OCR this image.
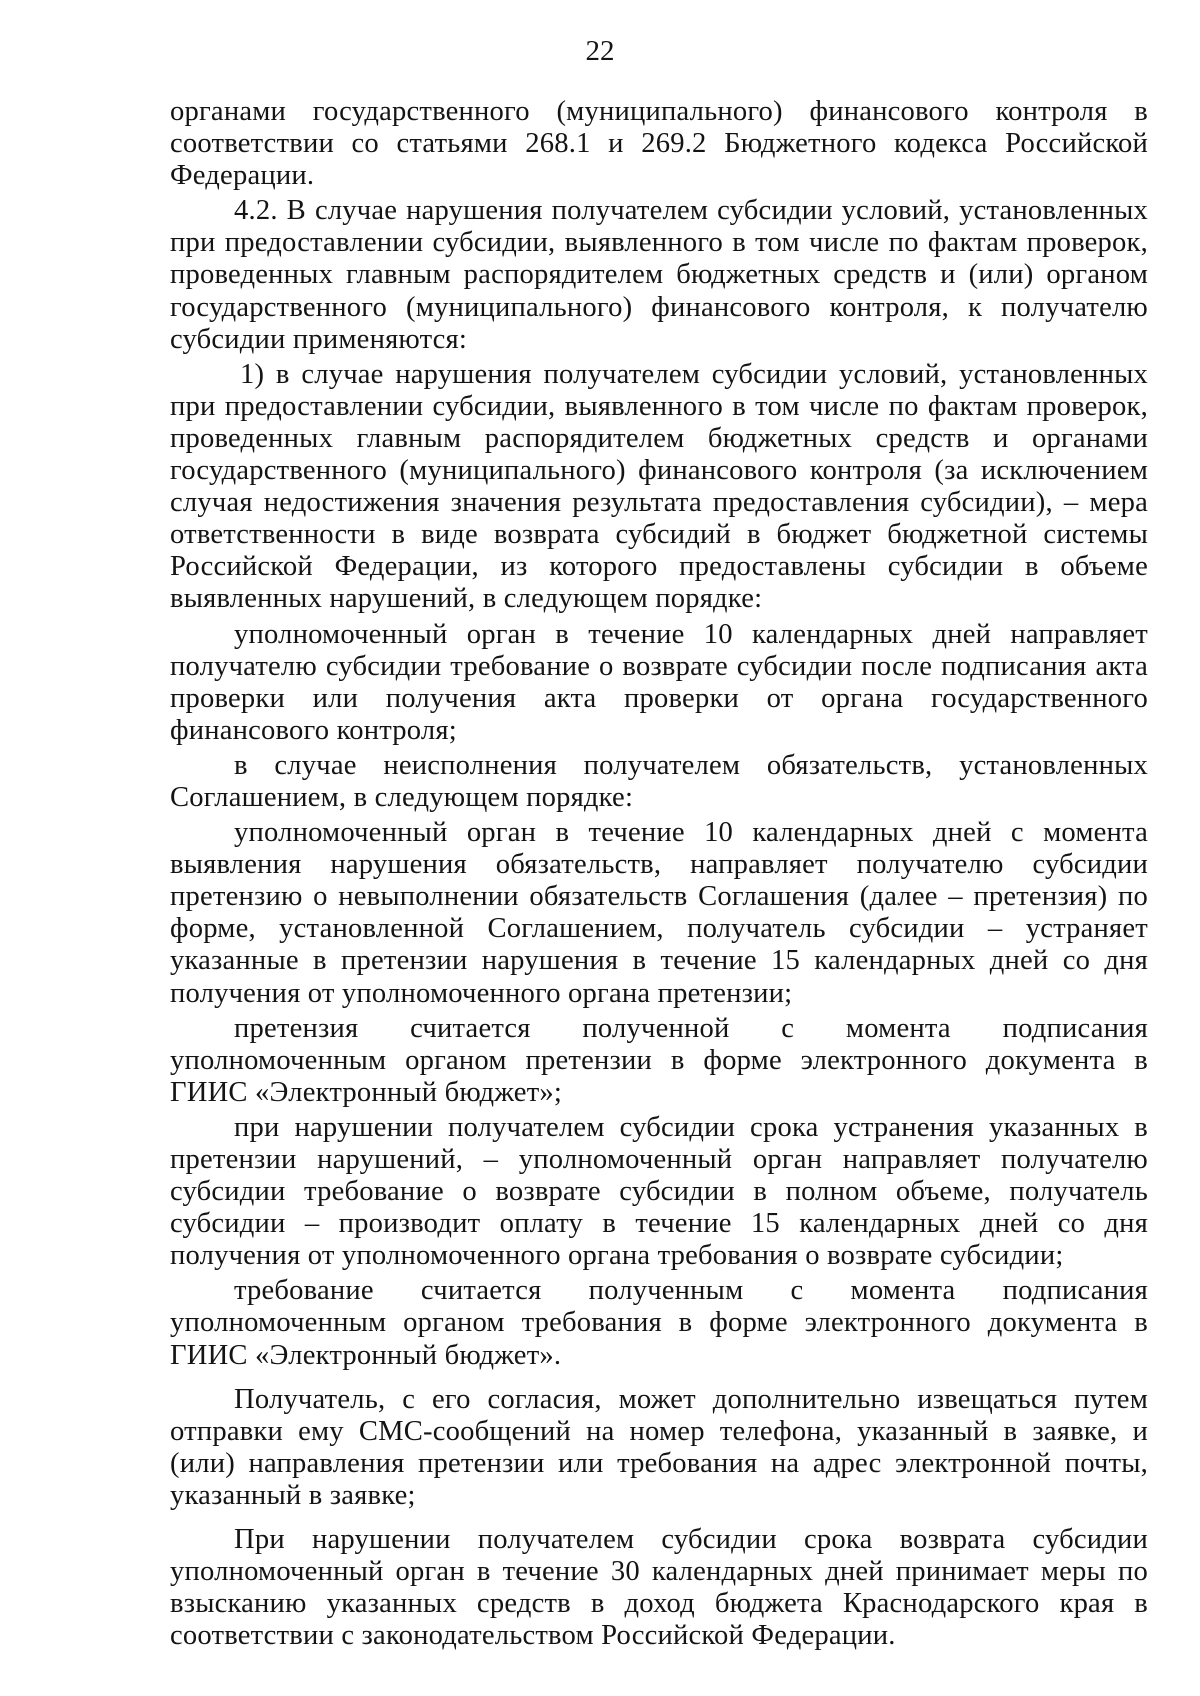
22

органами государственного (муниципального) финансового контроля в соответствии со статьями 268.1 и 269.2 Бюджетного кодекса Российской Федерации.

4.2. В случае нарушения получателем субсидии условий, установленных при предоставлении субсидии, выявленного в том числе по фактам проверок, проведенных главным распорядителем бюджетных средств и (или) органом государственного (муниципального) финансового контроля, к получателю субсидии применяются:

1) в случае нарушения получателем субсидии условий, установленных при предоставлении субсидии, выявленного в том числе по фактам проверок, проведенных главным распорядителем бюджетных средств и органами государственного (муниципального) финансового контроля (за исключением случая недостижения значения результата предоставления субсидии), – мера ответственности в виде возврата субсидий в бюджет бюджетной системы Российской Федерации, из которого предоставлены субсидии в объеме выявленных нарушений, в следующем порядке:

уполномоченный орган в течение 10 календарных дней направляет получателю субсидии требование о возврате субсидии после подписания акта проверки или получения акта проверки от органа государственного финансового контроля;

в случае неисполнения получателем обязательств, установленных Соглашением, в следующем порядке:

уполномоченный орган в течение 10 календарных дней с момента выявления нарушения обязательств, направляет получателю субсидии претензию о невыполнении обязательств Соглашения (далее – претензия) по форме, установленной Соглашением, получатель субсидии – устраняет указанные в претензии нарушения в течение 15 календарных дней со дня получения от уполномоченного органа претензии;

претензия считается полученной с момента подписания уполномоченным органом претензии в форме электронного документа в ГИИС «Электронный бюджет»;

при нарушении получателем субсидии срока устранения указанных в претензии нарушений, – уполномоченный орган направляет получателю субсидии требование о возврате субсидии в полном объеме, получатель субсидии – производит оплату в течение 15 календарных дней со дня получения от уполномоченного органа требования о возврате субсидии;

требование считается полученным с момента подписания уполномоченным органом требования в форме электронного документа в ГИИС «Электронный бюджет».

Получатель, с его согласия, может дополнительно извещаться путем отправки ему СМС-сообщений на номер телефона, указанный в заявке, и (или) направления претензии или требования на адрес электронной почты, указанный в заявке;

При нарушении получателем субсидии срока возврата субсидии уполномоченный орган в течение 30 календарных дней принимает меры по взысканию указанных средств в доход бюджета Краснодарского края в соответствии с законодательством Российской Федерации.
